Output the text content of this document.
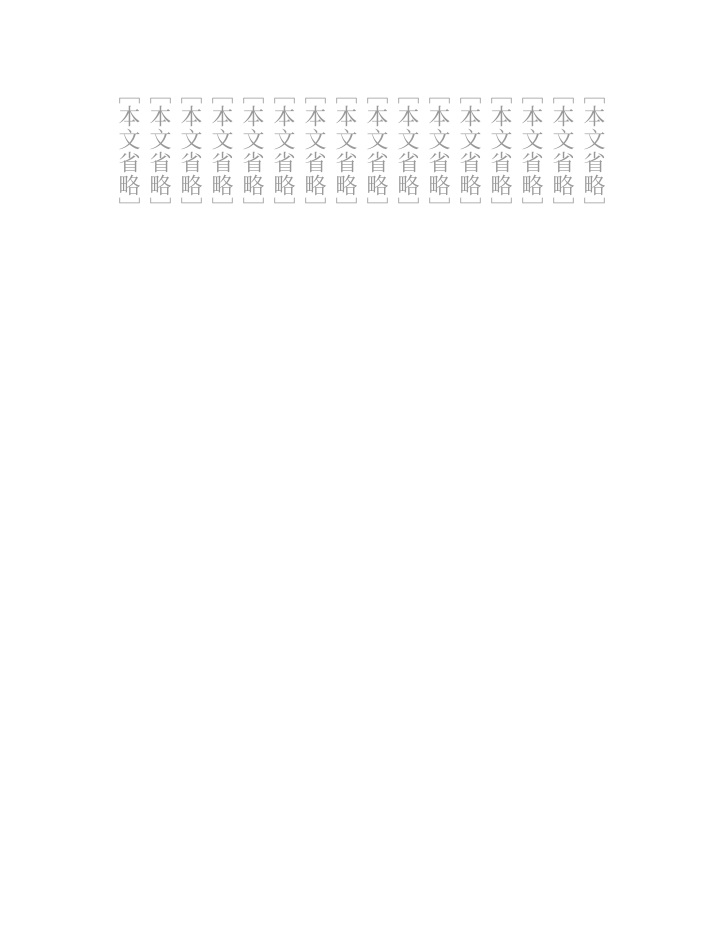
［本文省略］
［本文省略］
［本文省略］
［本文省略］
［本文省略］
［本文省略］
［本文省略］
［本文省略］
［本文省略］
［本文省略］
［本文省略］
［本文省略］
［本文省略］
［本文省略］
［本文省略］
［本文省略］
